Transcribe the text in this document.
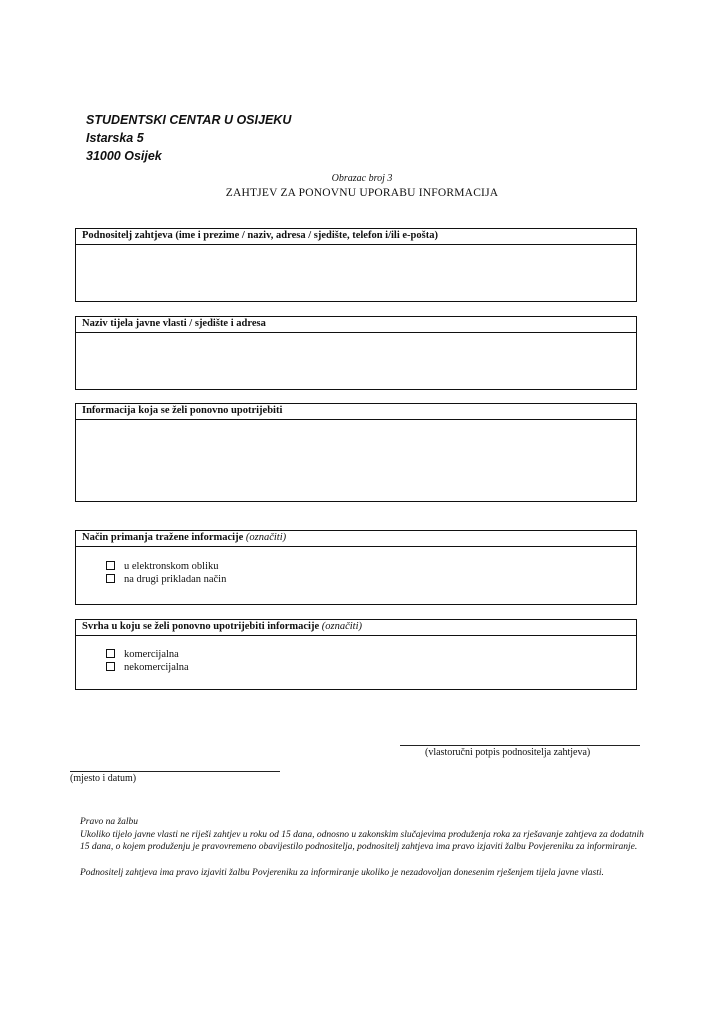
STUDENTSKI CENTAR U OSIJEKU
Istarska 5
31000 Osijek
Obrazac broj 3
ZAHTJEV ZA PONOVNU UPORABU INFORMACIJA
Podnositelj zahtjeva (ime i prezime / naziv, adresa / sjedište, telefon i/ili e-pošta)
Naziv tijela javne vlasti / sjedište i adresa
Informacija koja se želi ponovno upotrijebiti
Način primanja tražene informacije (označiti)
u elektronskom obliku
na drugi prikladan način
Svrha u koju se želi ponovno upotrijebiti informacije (označiti)
komercijalna
nekomercijalna
(vlastoručni potpis podnositelja zahtjeva)
(mjesto i datum)

Pravo na žalbu

Ukoliko tijelo javne vlasti ne riješi zahtjev u roku od 15 dana, odnosno u zakonskim slučajevima produženja roka za rješavanje zahtjeva za dodatnih 15 dana, o kojem produženju je pravovremeno obavijestilo podnositelja, podnositelj zahtjeva ima pravo izjaviti žalbu Povjereniku za informiranje.

Podnositelj zahtjeva ima pravo izjaviti žalbu Povjereniku za informiranje ukoliko je nezadovoljan donesenim rješenjem tijela javne vlasti.
